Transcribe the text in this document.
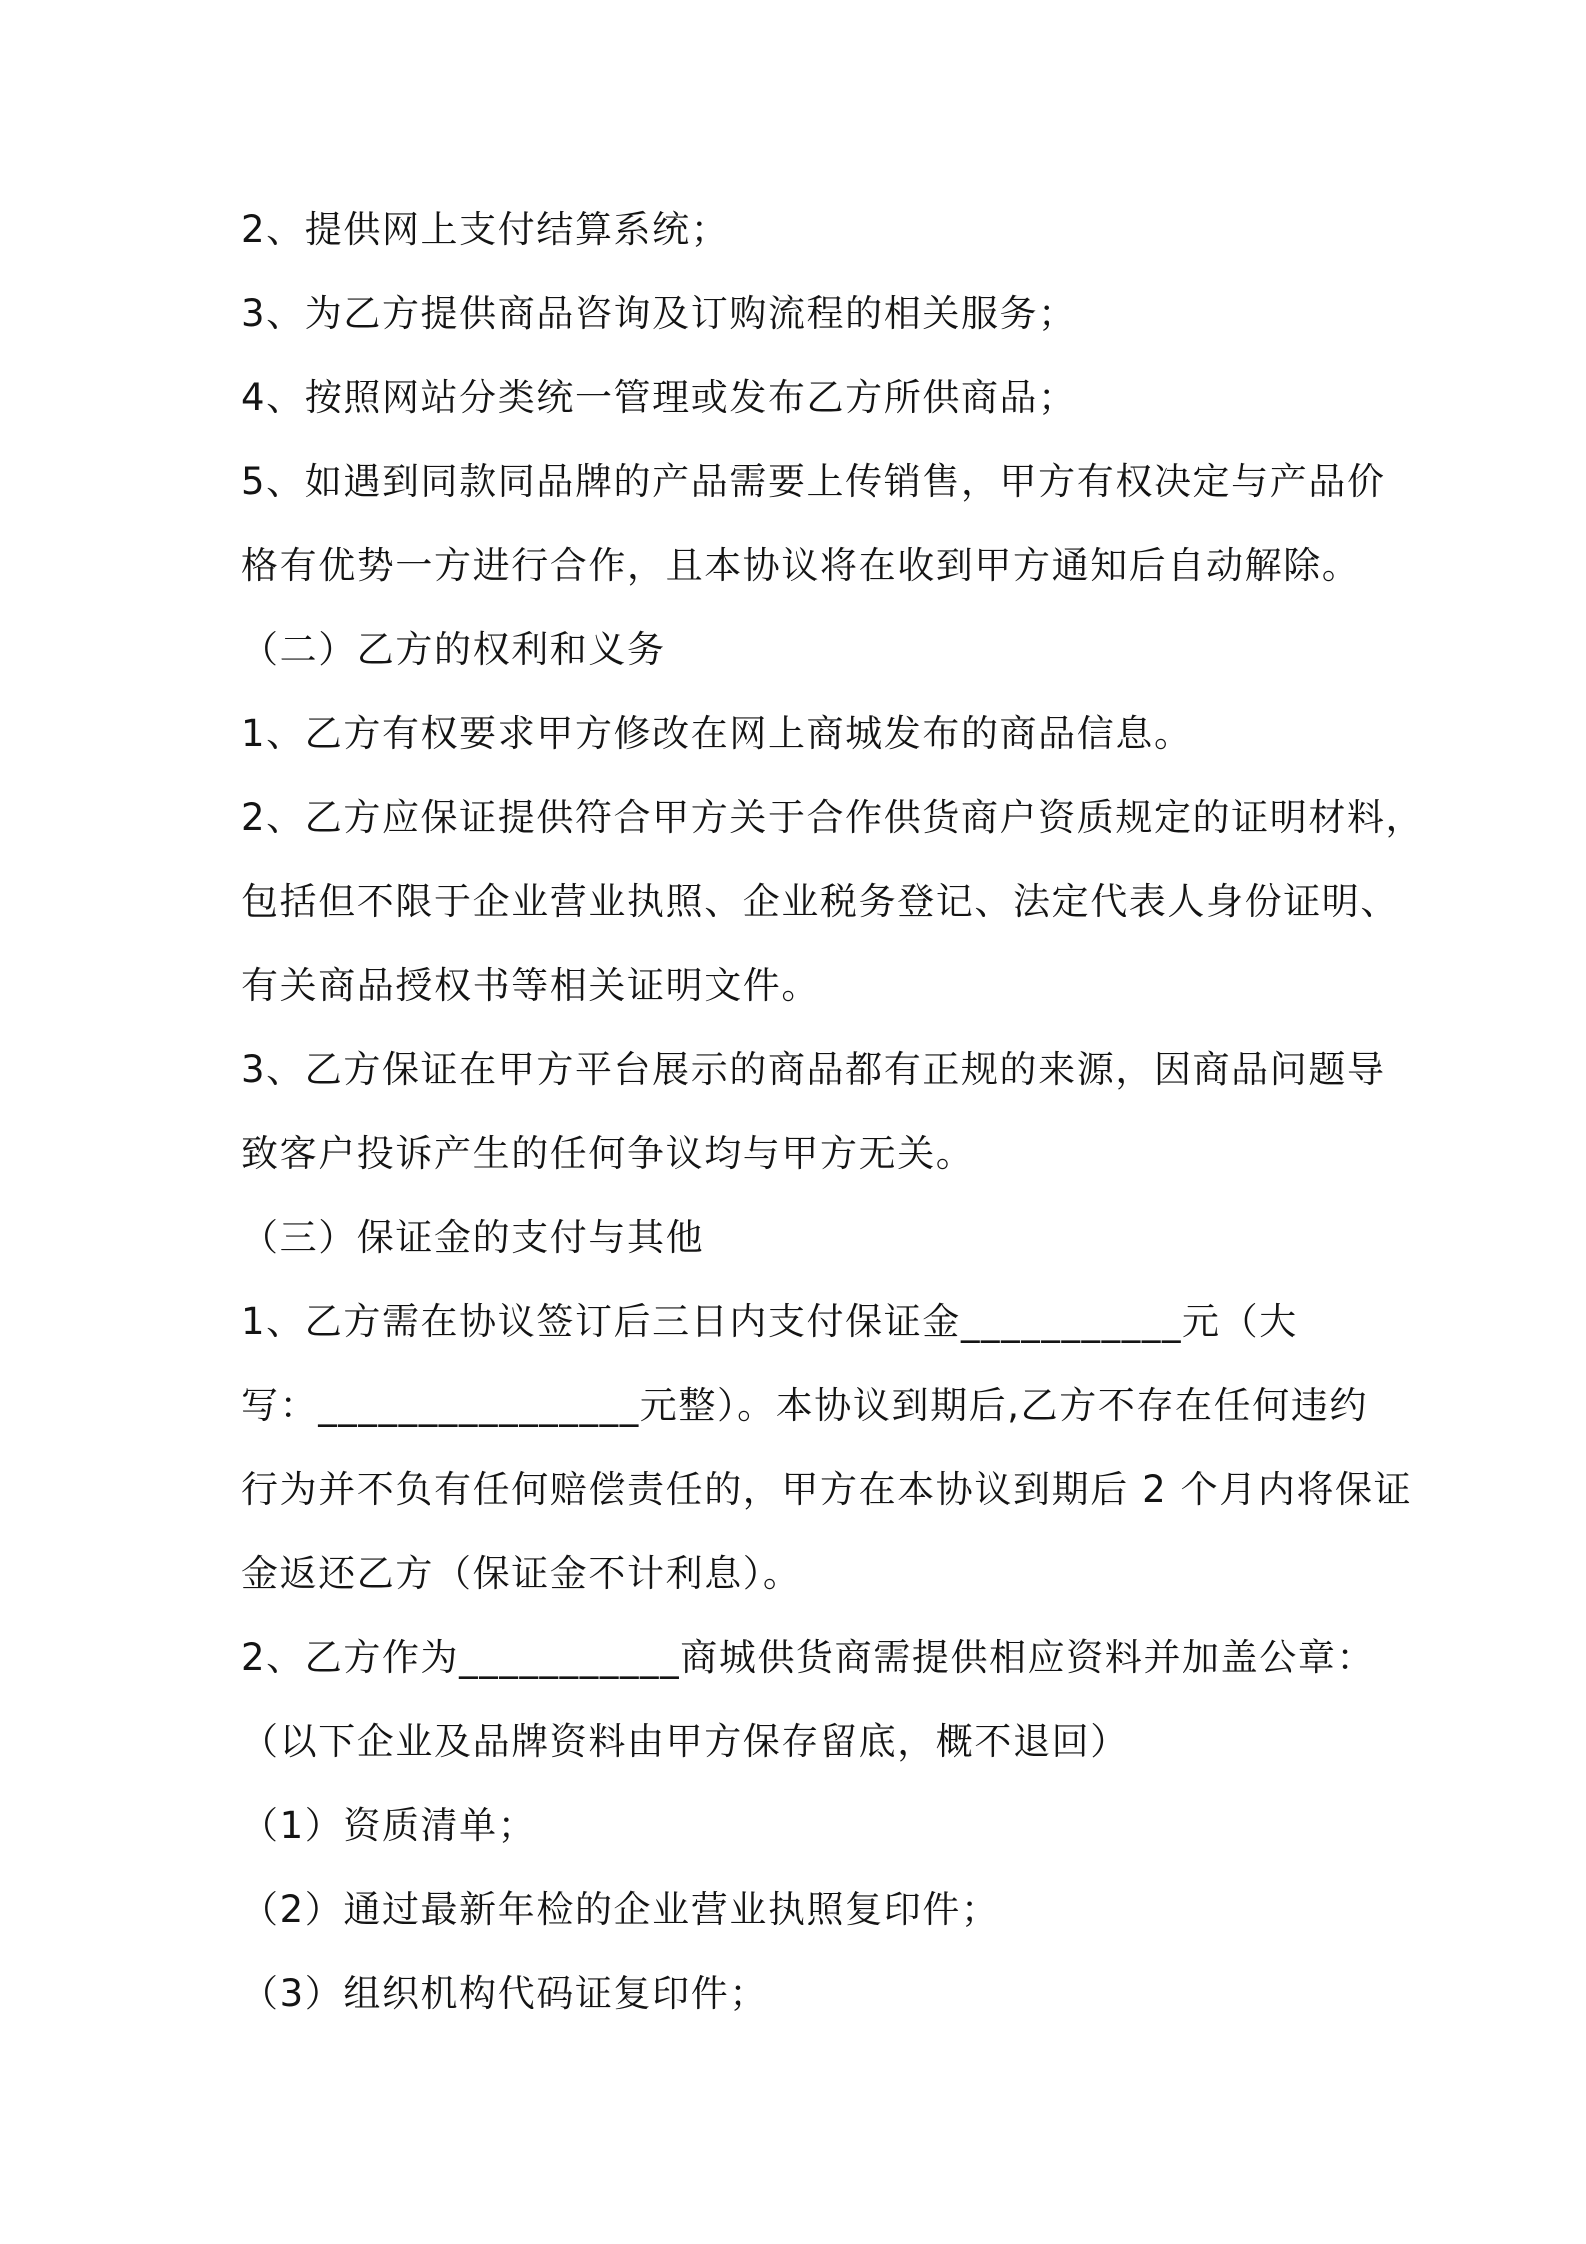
2、提供网上支付结算系统；
3、为乙方提供商品咨询及订购流程的相关服务；
4、按照网站分类统一管理或发布乙方所供商品；
5、如遇到同款同品牌的产品需要上传销售，甲方有权决定与产品价
格有优势一方进行合作，且本协议将在收到甲方通知后自动解除。
（二）乙方的权利和义务
1、乙方有权要求甲方修改在网上商城发布的商品信息。
2、乙方应保证提供符合甲方关于合作供货商户资质规定的证明材料，
包括但不限于企业营业执照、企业税务登记、法定代表人身份证明、
有关商品授权书等相关证明文件。
3、乙方保证在甲方平台展示的商品都有正规的来源，因商品问题导
致客户投诉产生的任何争议均与甲方无关。
（三）保证金的支付与其他
1、乙方需在协议签订后三日内支付保证金___________元（大
写：________________元整）。本协议到期后,乙方不存在任何违约
行为并不负有任何赔偿责任的，甲方在本协议到期后 2 个月内将保证
金返还乙方（保证金不计利息）。
2、乙方作为___________商城供货商需提供相应资料并加盖公章：
（以下企业及品牌资料由甲方保存留底，概不退回）
（1）资质清单；
（2）通过最新年检的企业营业执照复印件；
（3）组织机构代码证复印件；
